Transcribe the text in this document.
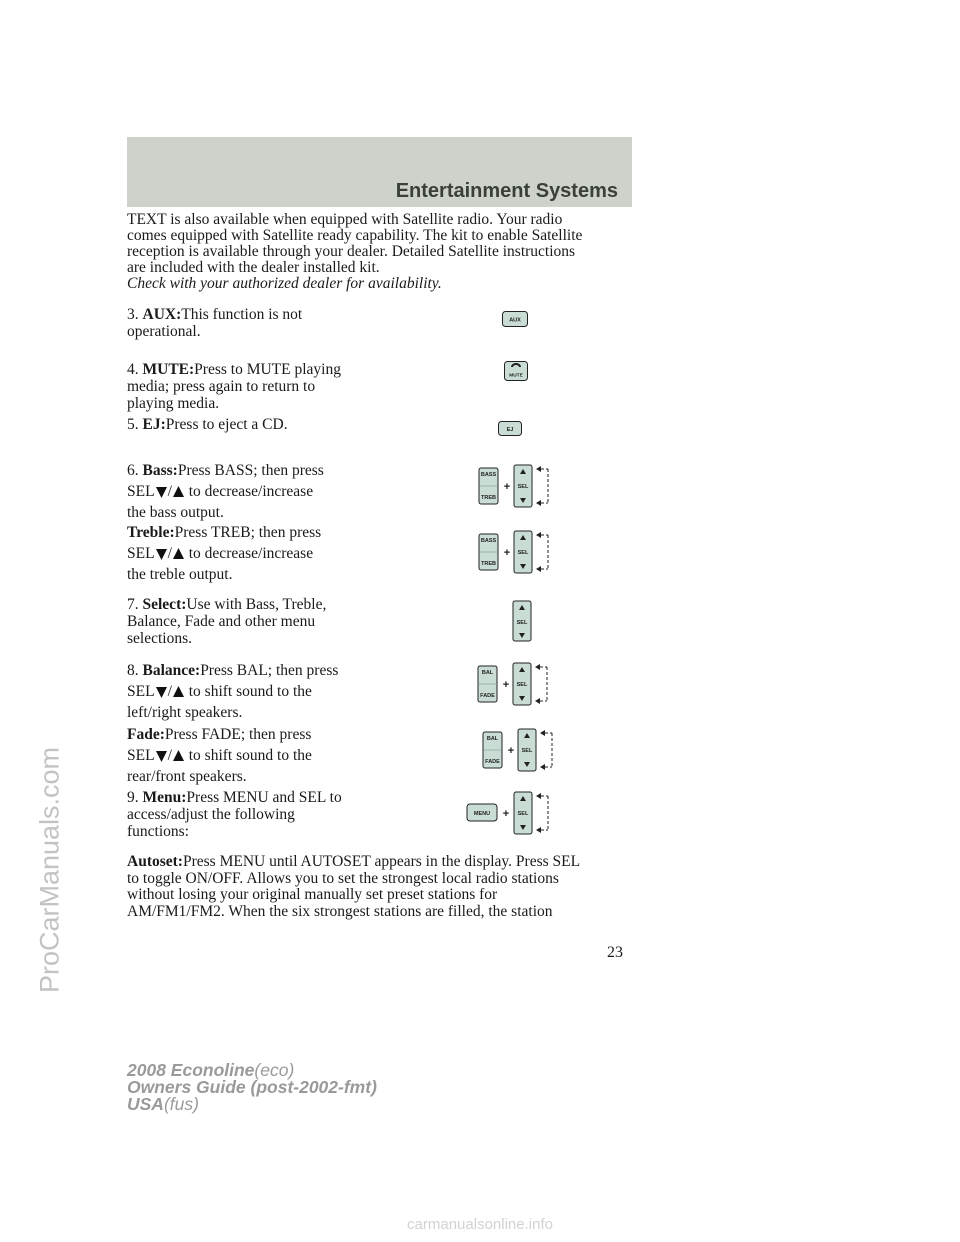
Entertainment Systems
ProCarManuals.com
TEXT is also available when equipped with Satellite radio. Your radio
comes equipped with Satellite ready capability. The kit to enable Satellite
reception is available through your dealer. Detailed Satellite instructions
are included with the dealer installed kit.
Check with your authorized dealer for availability.
3. AUX:This function is not
operational.
AUX
4. MUTE:Press to MUTE playing
media; press again to return to
playing media.
MUTE
5. EJ:Press to eject a CD.	EJ
6. Bass:Press BASS; then press
SEL / to decrease/increase
the bass output.
BASS
TREB
+ SEL
Treble:Press TREB; then press
SEL / to decrease/increase
the treble output.
BASS
TREB
+ SEL
7. Select:Use with Bass, Treble,
Balance, Fade and other menu
selections.
SEL
8. Balance:Press BAL; then press
SEL / to shift sound to the
left/right speakers.
BAL
FADE
+ SEL
Fade:Press FADE; then press
SEL / to shift sound to the
rear/front speakers.
BAL
FADE
+ SEL
9. Menu:Press MENU and SEL to
access/adjust the following
functions:
MENU + SEL
Autoset:Press MENU until AUTOSET appears in the display. Press SEL
to toggle ON/OFF. Allows you to set the strongest local radio stations
without losing your original manually set preset stations for
AM/FM1/FM2. When the six strongest stations are filled, the station
23
2008 Econoline(eco)
Owners Guide (post-2002-fmt)
USA(fus)
carmanualsonline.info
